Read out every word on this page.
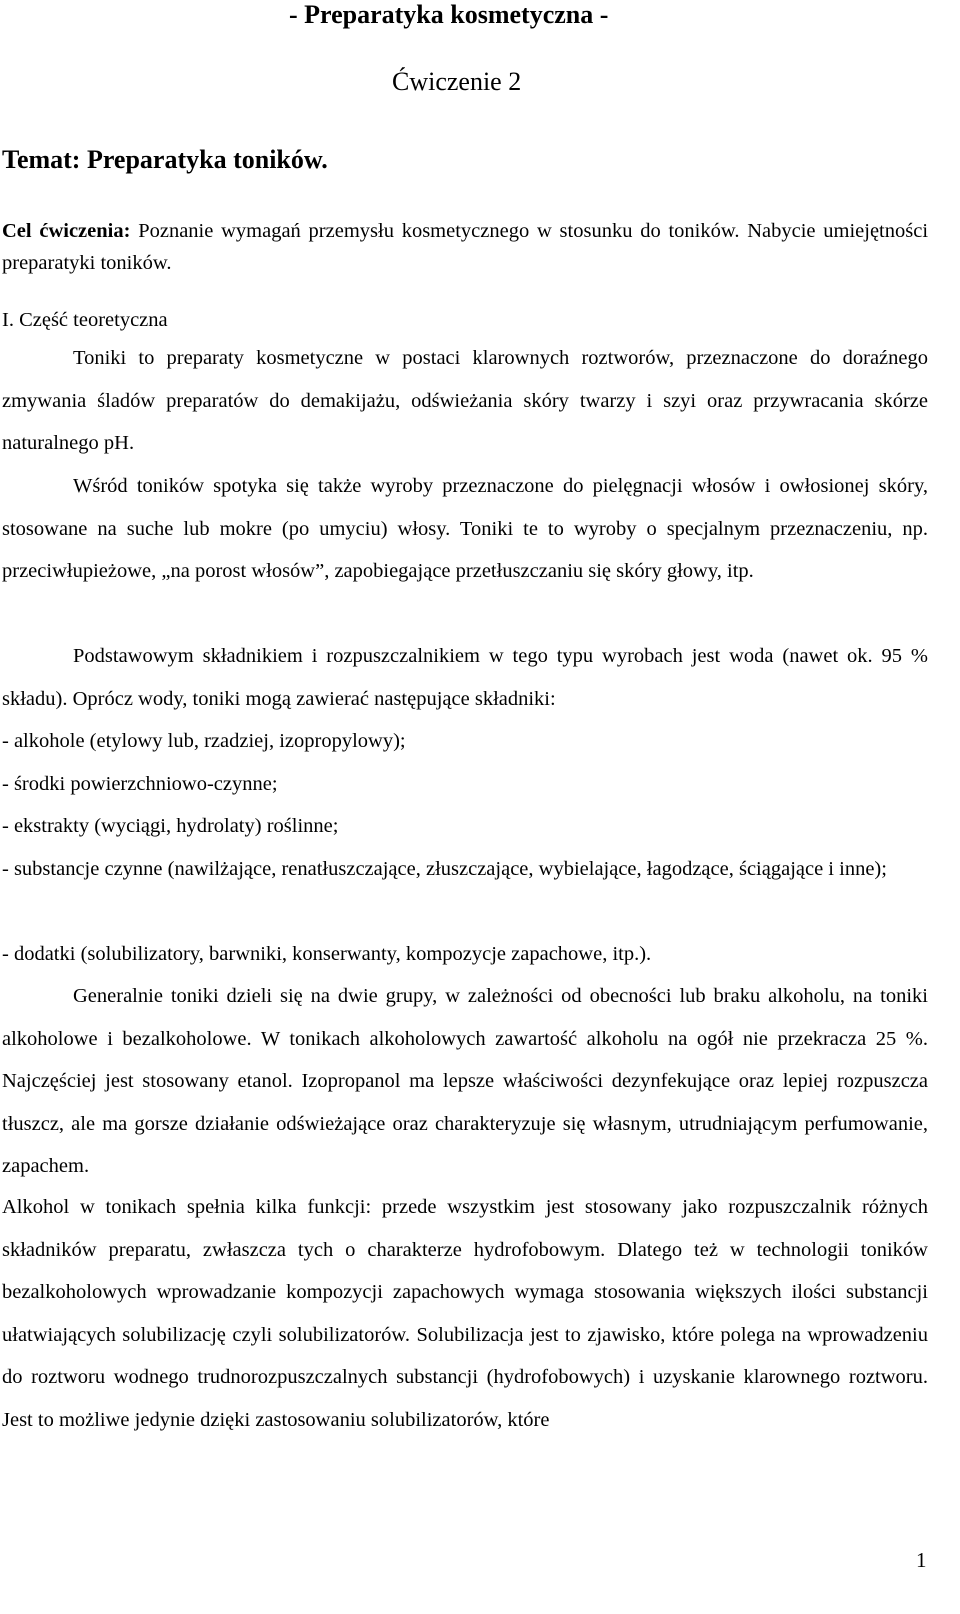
- Preparatyka kosmetyczna -
Ćwiczenie 2
Temat: Preparatyka toników.

Cel ćwiczenia: Poznanie wymagań przemysłu kosmetycznego w stosunku do toników. Nabycie umiejętności preparatyki toników.

I. Część teoretyczna

Toniki to preparaty kosmetyczne w postaci klarownych roztworów, przeznaczone do doraźnego zmywania śladów preparatów do demakijażu, odświeżania skóry twarzy i szyi oraz przywracania skórze naturalnego pH.

Wśród toników spotyka się także wyroby przeznaczone do pielęgnacji włosów i owłosionej skóry, stosowane na suche lub mokre (po umyciu) włosy. Toniki te to wyroby o specjalnym przeznaczeniu, np. przeciwłupieżowe, „na porost włosów”, zapobiegające przetłuszczaniu się skóry głowy, itp.

Podstawowym składnikiem i rozpuszczalnikiem w tego typu wyrobach jest woda (nawet ok. 95 % składu). Oprócz wody, toniki mogą zawierać następujące składniki:

- alkohole (etylowy lub, rzadziej, izopropylowy);

- środki powierzchniowo-czynne;

- ekstrakty (wyciągi, hydrolaty) roślinne;

- substancje czynne (nawilżające, renatłuszczające, złuszczające, wybielające, łagodzące, ściągające i inne);

- dodatki (solubilizatory, barwniki, konserwanty, kompozycje zapachowe, itp.).

Generalnie toniki dzieli się na dwie grupy, w zależności od obecności lub braku alkoholu, na toniki alkoholowe i bezalkoholowe. W tonikach alkoholowych zawartość alkoholu na ogół nie przekracza 25 %. Najczęściej jest stosowany etanol. Izopropanol ma lepsze właściwości dezynfekujące oraz lepiej rozpuszcza tłuszcz, ale ma gorsze działanie odświeżające oraz charakteryzuje się własnym, utrudniającym perfumowanie, zapachem.

Alkohol w tonikach spełnia kilka funkcji: przede wszystkim jest stosowany jako rozpuszczalnik różnych składników preparatu, zwłaszcza tych o charakterze hydrofobowym. Dlatego też w technologii toników bezalkoholowych wprowadzanie kompozycji zapachowych wymaga stosowania większych ilości substancji ułatwiających solubilizację czyli solubilizatorów. Solubilizacja jest to zjawisko, które polega na wprowadzeniu do roztworu wodnego trudnorozpuszczalnych substancji (hydrofobowych) i uzyskanie klarownego roztworu. Jest to możliwe jedynie dzięki zastosowaniu solubilizatorów, które

1
